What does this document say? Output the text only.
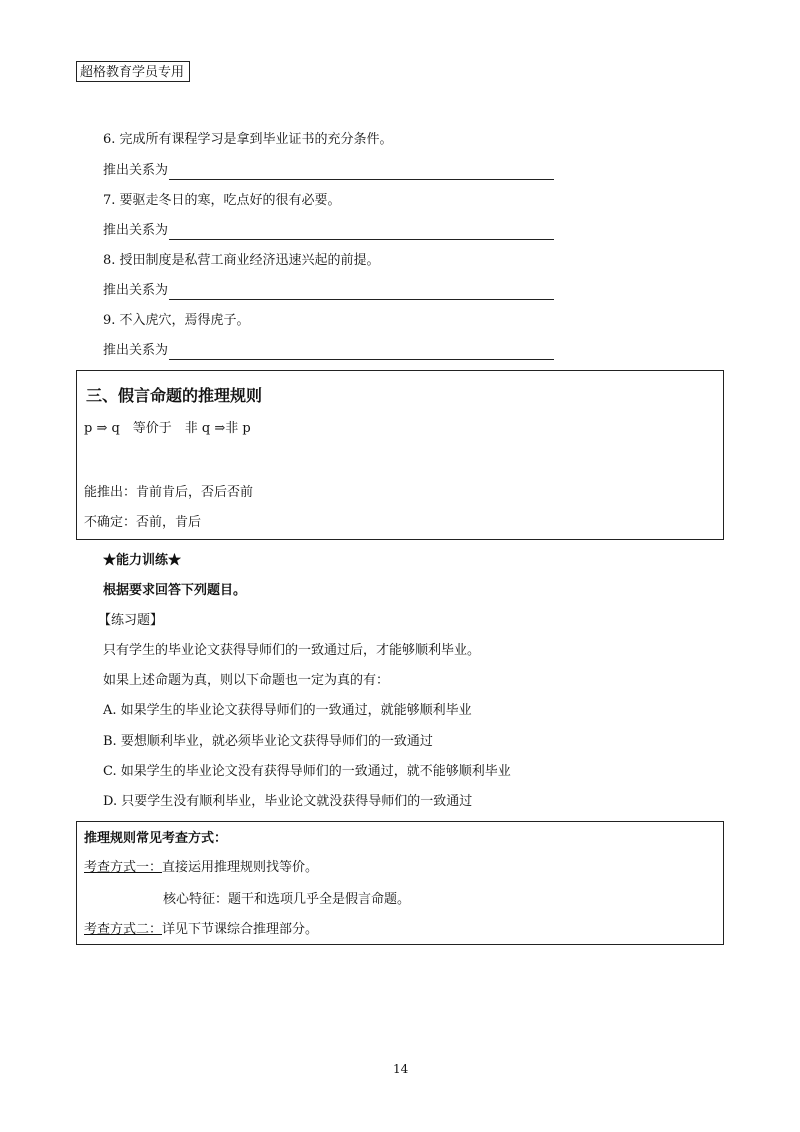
超格教育学员专用
6. 完成所有课程学习是拿到毕业证书的充分条件。
推出关系为
7. 要驱走冬日的寒，吃点好的很有必要。
推出关系为
8. 授田制度是私营工商业经济迅速兴起的前提。
推出关系为
9. 不入虎穴，焉得虎子。
推出关系为
三、假言命题的推理规则
p ⇒ q　等价于　非 q ⇒非 p
能推出：肯前肯后，否后否前
不确定：否前，肯后
★能力训练★
根据要求回答下列题目。
【练习题】
只有学生的毕业论文获得导师们的一致通过后，才能够顺利毕业。
如果上述命题为真，则以下命题也一定为真的有：
A. 如果学生的毕业论文获得导师们的一致通过，就能够顺利毕业
B. 要想顺利毕业，就必须毕业论文获得导师们的一致通过
C. 如果学生的毕业论文没有获得导师们的一致通过，就不能够顺利毕业
D. 只要学生没有顺利毕业，毕业论文就没获得导师们的一致通过
推理规则常见考查方式：
考查方式一：直接运用推理规则找等价。
核心特征：题干和选项几乎全是假言命题。
考查方式二：详见下节课综合推理部分。
14
